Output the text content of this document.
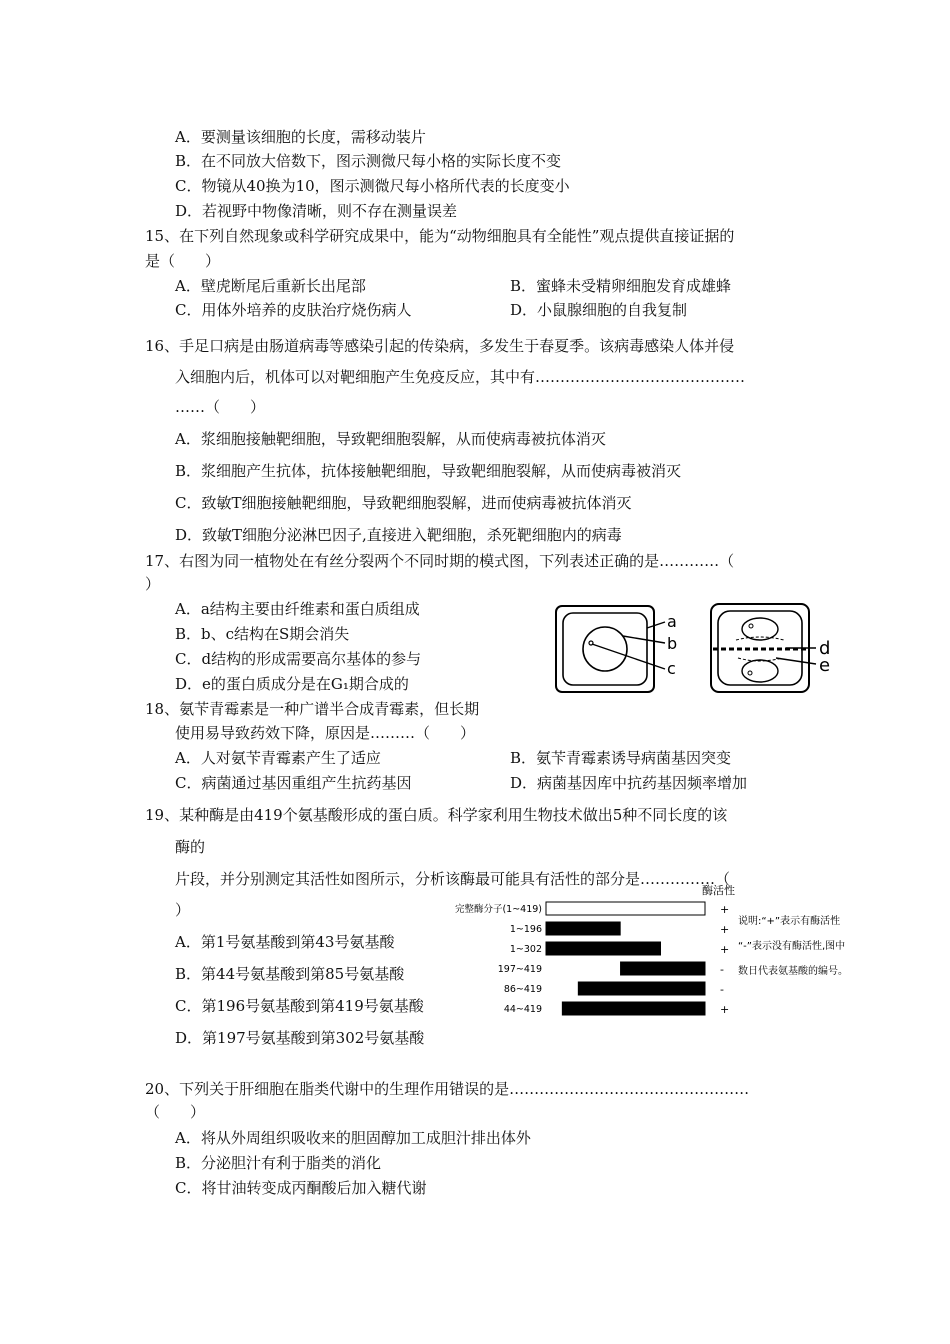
A．要测量该细胞的长度，需移动装片
B．在不同放大倍数下，图示测微尺每小格的实际长度不变
C．物镜从40换为10，图示测微尺每小格所代表的长度变小
D．若视野中物像清晰，则不存在测量误差
15、在下列自然现象或科学研究成果中，能为“动物细胞具有全能性”观点提供直接证据的
是（　　）
A．壁虎断尾后重新长出尾部	B．蜜蜂未受精卵细胞发育成雄蜂
C．用体外培养的皮肤治疗烧伤病人	D．小鼠腺细胞的自我复制
16、手足口病是由肠道病毒等感染引起的传染病，多发生于春夏季。该病毒感染人体并侵
入细胞内后，机体可以对靶细胞产生免疫反应，其中有……………………………………
……（　　）
A．浆细胞接触靶细胞，导致靶细胞裂解，从而使病毒被抗体消灭
B．浆细胞产生抗体，抗体接触靶细胞，导致靶细胞裂解，从而使病毒被消灭
C．致敏T细胞接触靶细胞，导致靶细胞裂解，进而使病毒被抗体消灭
D．致敏T细胞分泌淋巴因子,直接进入靶细胞，杀死靶细胞内的病毒
17、右图为同一植物处在有丝分裂两个不同时期的模式图，下列表述正确的是…………（
）
A．a结构主要由纤维素和蛋白质组成
B．b、c结构在S期会消失
C．d结构的形成需要高尔基体的参与
D．e的蛋白质成分是在G₁期合成的
a
b
c
d
e
18、氨苄青霉素是一种广谱半合成青霉素，但长期
使用易导致药效下降，原因是………（　　）
A．人对氨苄青霉素产生了适应	B．氨苄青霉素诱导病菌基因突变
C．病菌通过基因重组产生抗药基因	D．病菌基因库中抗药基因频率增加
19、某种酶是由419个氨基酸形成的蛋白质。科学家利用生物技术做出5种不同长度的该
酶的
片段，并分别测定其活性如图所示，分析该酶最可能具有活性的部分是……………（
）
A．第1号氨基酸到第43号氨基酸
B．第44号氨基酸到第85号氨基酸
C．第196号氨基酸到第419号氨基酸
D．第197号氨基酸到第302号氨基酸
酶活性
说明:“+”表示有酶活性
“-”表示没有酶活性,图中
数日代表氨基酸的编号。
完整酶分子(1~419)	+
1~196	+
1~302	+
197~419	-
86~419	-
44~419	+
20、下列关于肝细胞在脂类代谢中的生理作用错误的是…………………………………………
（　　）
A．将从外周组织吸收来的胆固醇加工成胆汁排出体外
B．分泌胆汁有利于脂类的消化
C．将甘油转变成丙酮酸后加入糖代谢
